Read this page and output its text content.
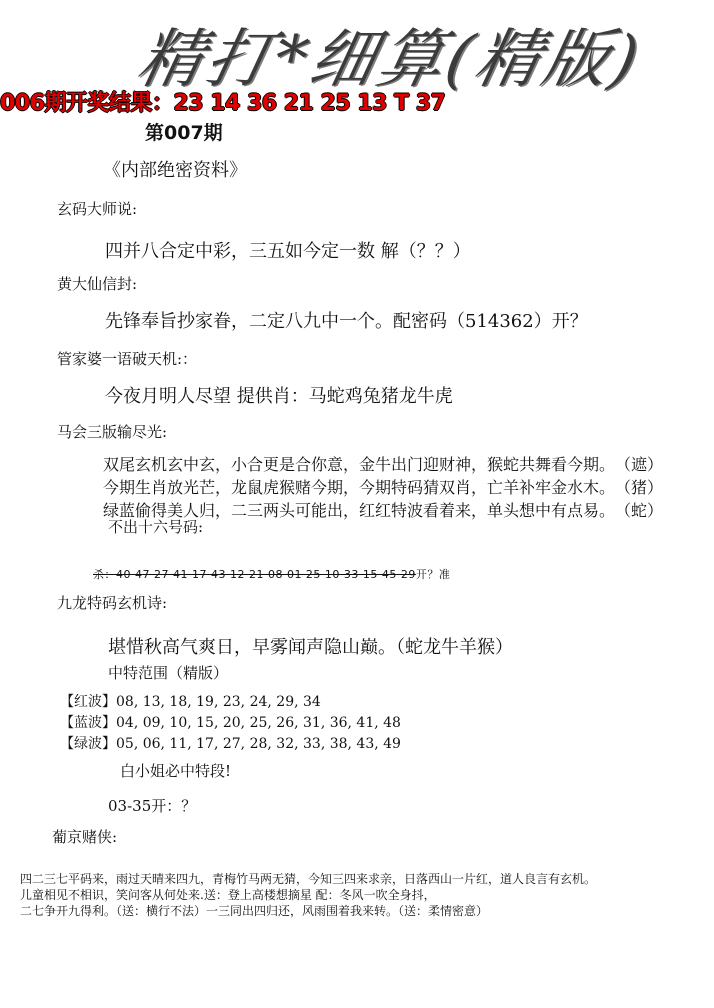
精打*细算(精版)
006期开奖结果：23 14 36 21 25 13 T 37
第007期
《内部绝密资料》
玄码大师说:
四并八合定中彩，三五如今定一数 解（？？）
黄大仙信封:
先锋奉旨抄家眷，二定八九中一个。配密码（514362）开？
管家婆一语破天机:：
今夜月明人尽望 提供肖：马蛇鸡兔猪龙牛虎
马会三版输尽光:
双尾玄机玄中玄，小合更是合你意，金牛出门迎财神，猴蛇共舞看今期。 （遮）
今期生肖放光芒，龙鼠虎猴赌今期，今期特码猜双肖，亡羊补牢金水木。 （猪）
绿蓝偷得美人归，二三两头可能出，红红特波看着来，单头想中有点易。 （蛇）
不出十六号码:
杀：40 47 27 41 17 43 12 21 08 01 25 10 33 15 45 29开？准
九龙特码玄机诗:
堪惜秋高气爽日，早雾闻声隐山巅。（蛇龙牛羊猴）
中特范围（精版）
【红波】08, 13, 18, 19, 23, 24, 29, 34
【蓝波】04, 09, 10, 15, 20, 25, 26, 31, 36, 41, 48
【绿波】05, 06, 11, 17, 27, 28, 32, 33, 38, 43, 49
白小姐必中特段!
03-35开：？
葡京赌侠:
四二三七平码来，雨过天晴来四九，青梅竹马两无猜，今知三四来求亲，日落西山一片红，道人良言有玄机。
儿童相见不相识，笑问客从何处来.送：登上高楼想摘星 配：冬风一吹全身抖，
二七争开九得利。（送：横行不法）一三同出四归还，风雨围着我来转。（送：柔情密意）
